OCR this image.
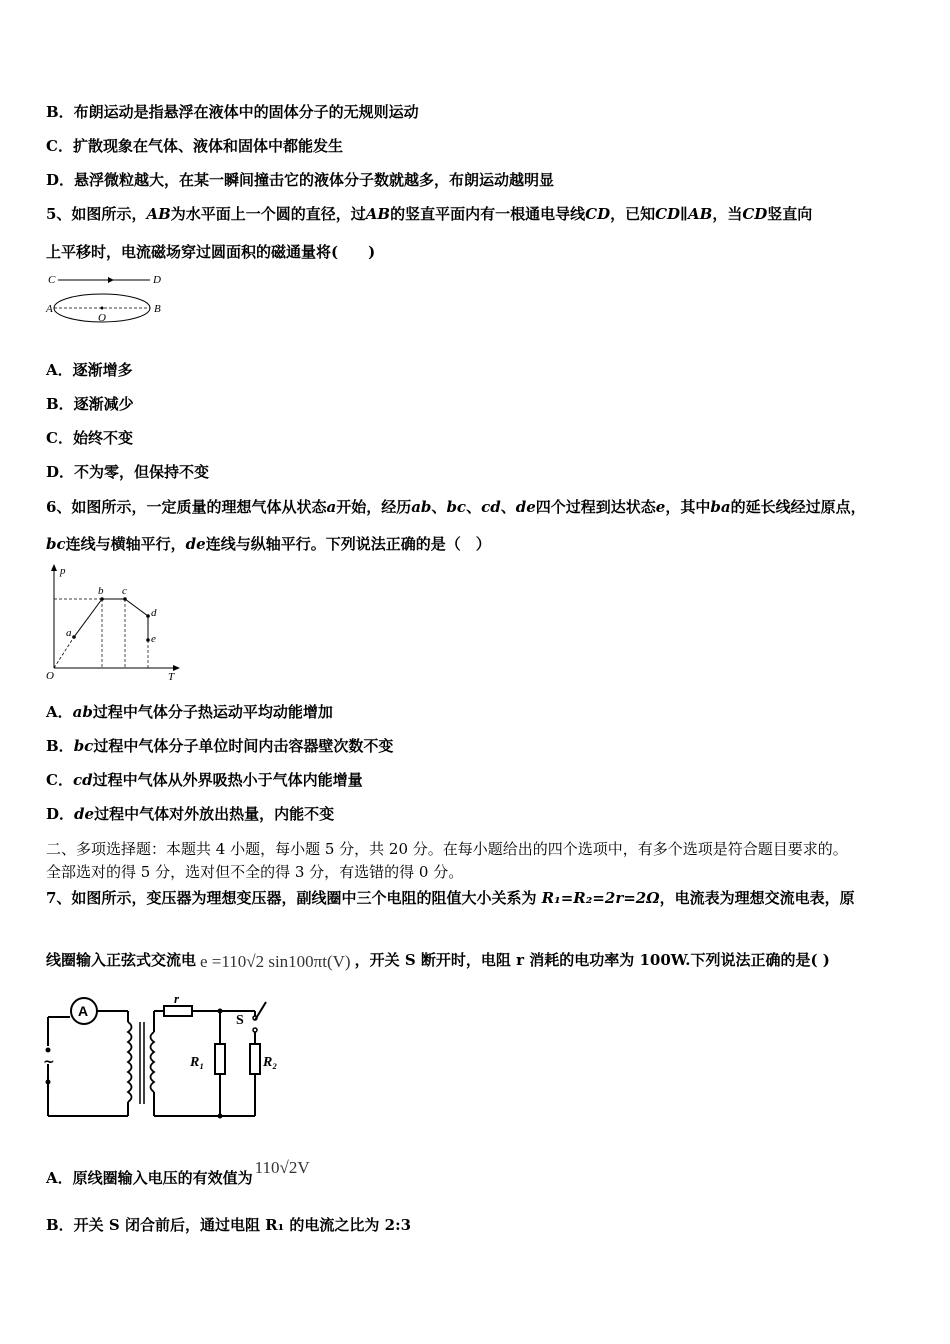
B．布朗运动是指悬浮在液体中的固体分子的无规则运动
C．扩散现象在气体、液体和固体中都能发生
D．悬浮微粒越大，在某一瞬间撞击它的液体分子数就越多，布朗运动越明显
5、如图所示，AB为水平面上一个圆的直径，过AB的竖直平面内有一根通电导线CD，已知CD∥AB，当CD竖直向
上平移时，电流磁场穿过圆面积的磁通量将(　　)
C	D
A
O
B
A．逐渐增多
B．逐渐减少
C．始终不变
D．不为零，但保持不变
6、如图所示，一定质量的理想气体从状态a开始，经历ab、bc、cd、de四个过程到达状态e，其中ba的延长线经过原点，
bc连线与横轴平行，de连线与纵轴平行。下列说法正确的是（　）
p
T
O
a
b c
d
e
A．ab过程中气体分子热运动平均动能增加
B．bc过程中气体分子单位时间内击容器壁次数不变
C．cd过程中气体从外界吸热小于气体内能增量
D．de过程中气体对外放出热量，内能不变
二、多项选择题：本题共 4 小题，每小题 5 分，共 20 分。在每小题给出的四个选项中，有多个选项是符合题目要求的。
全部选对的得 5 分，选对但不全的得 3 分，有选错的得 0 分。
7、如图所示，变压器为理想变压器，副线圈中三个电阻的阻值大小关系为 R₁=R₂=2r=2Ω，电流表为理想交流电表，原
线圈输入正弦式交流电 e =110√2 sin100πt(V) ，开关 S 断开时，电阻 r 消耗的电功率为 100W.下列说法正确的是( )
A
~
r
R₁
S
R₂
A．原线圈输入电压的有效值为110√2V
B．开关 S 闭合前后，通过电阻 R₁ 的电流之比为 2:3
